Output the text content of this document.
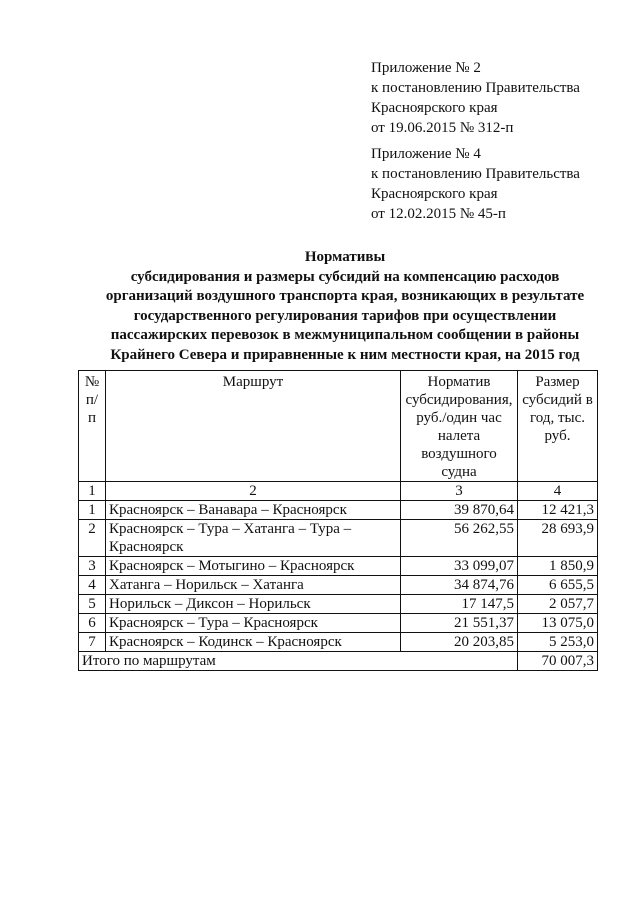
Приложение № 2
к постановлению Правительства
Красноярского края
от 19.06.2015 № 312-п
Приложение № 4
к постановлению Правительства
Красноярского края
от 12.02.2015 № 45-п
Нормативы
субсидирования и размеры субсидий на компенсацию расходов
организаций воздушного транспорта края, возникающих в результате
государственного регулирования тарифов при осуществлении
пассажирских перевозок в межмуниципальном сообщении в районы
Крайнего Севера и приравненные к ним местности края, на 2015 год
№ п/п	Маршрут	Норматив субсидирования, руб./один час налета воздушного судна	Размер субсидий в год, тыс. руб.
1	2	3	4
1	Красноярск – Ванавара – Красноярск	39 870,64	12 421,3
2	Красноярск – Тура – Хатанга – Тура – Красноярск	56 262,55	28 693,9
3	Красноярск – Мотыгино – Красноярск	33 099,07	1 850,9
4	Хатанга – Норильск – Хатанга	34 874,76	6 655,5
5	Норильск – Диксон – Норильск	17 147,5	2 057,7
6	Красноярск – Тура – Красноярск	21 551,37	13 075,0
7	Красноярск – Кодинск – Красноярск	20 203,85	5 253,0
Итого по маршрутам			70 007,3
